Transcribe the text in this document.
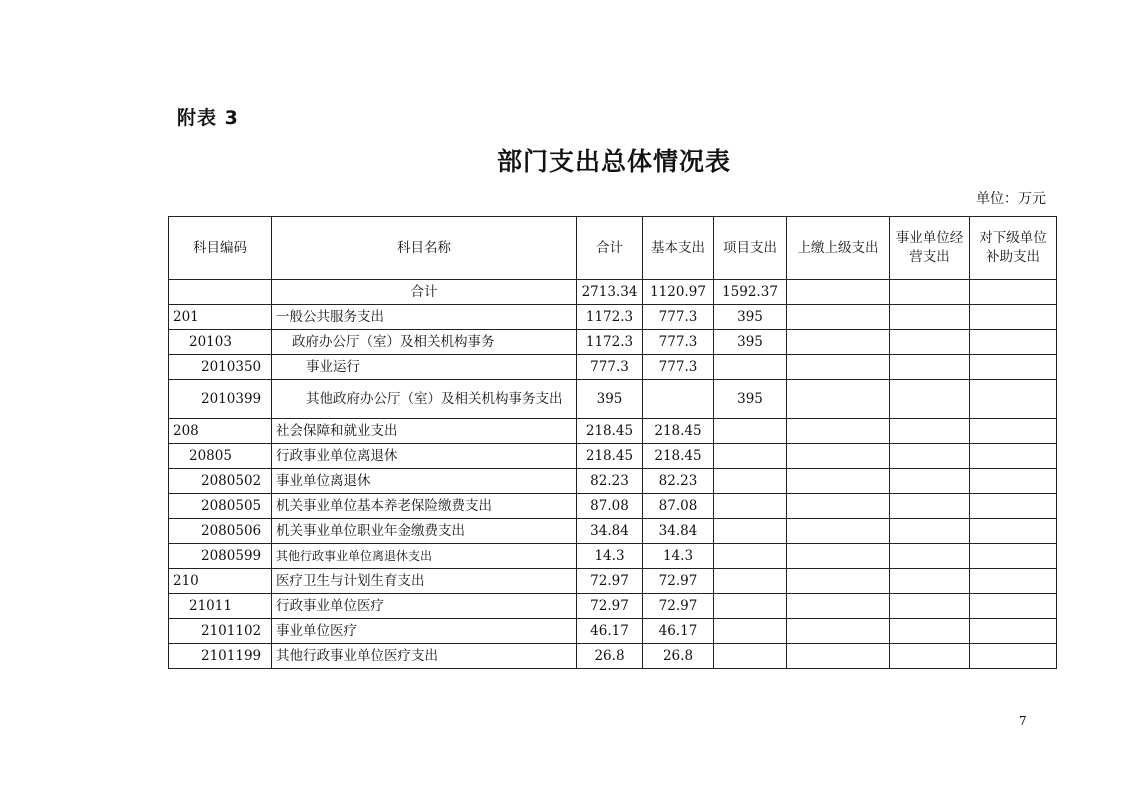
附表 3
部门支出总体情况表
单位：万元
科目编码	科目名称	合计	基本支出	项目支出	上缴上级支出	事业单位经营支出	对下级单位补助支出
	合计	2713.34	1120.97	1592.37			
201	一般公共服务支出	1172.3	777.3	395			
20103	政府办公厅（室）及相关机构事务	1172.3	777.3	395			
2010350	事业运行	777.3	777.3				
2010399	其他政府办公厅（室）及相关机构事务支出	395		395			
208	社会保障和就业支出	218.45	218.45				
20805	行政事业单位离退休	218.45	218.45				
2080502	事业单位离退休	82.23	82.23				
2080505	机关事业单位基本养老保险缴费支出	87.08	87.08				
2080506	机关事业单位职业年金缴费支出	34.84	34.84				
2080599	其他行政事业单位离退休支出	14.3	14.3				
210	医疗卫生与计划生育支出	72.97	72.97				
21011	行政事业单位医疗	72.97	72.97				
2101102	事业单位医疗	46.17	46.17				
2101199	其他行政事业单位医疗支出	26.8	26.8				
7
